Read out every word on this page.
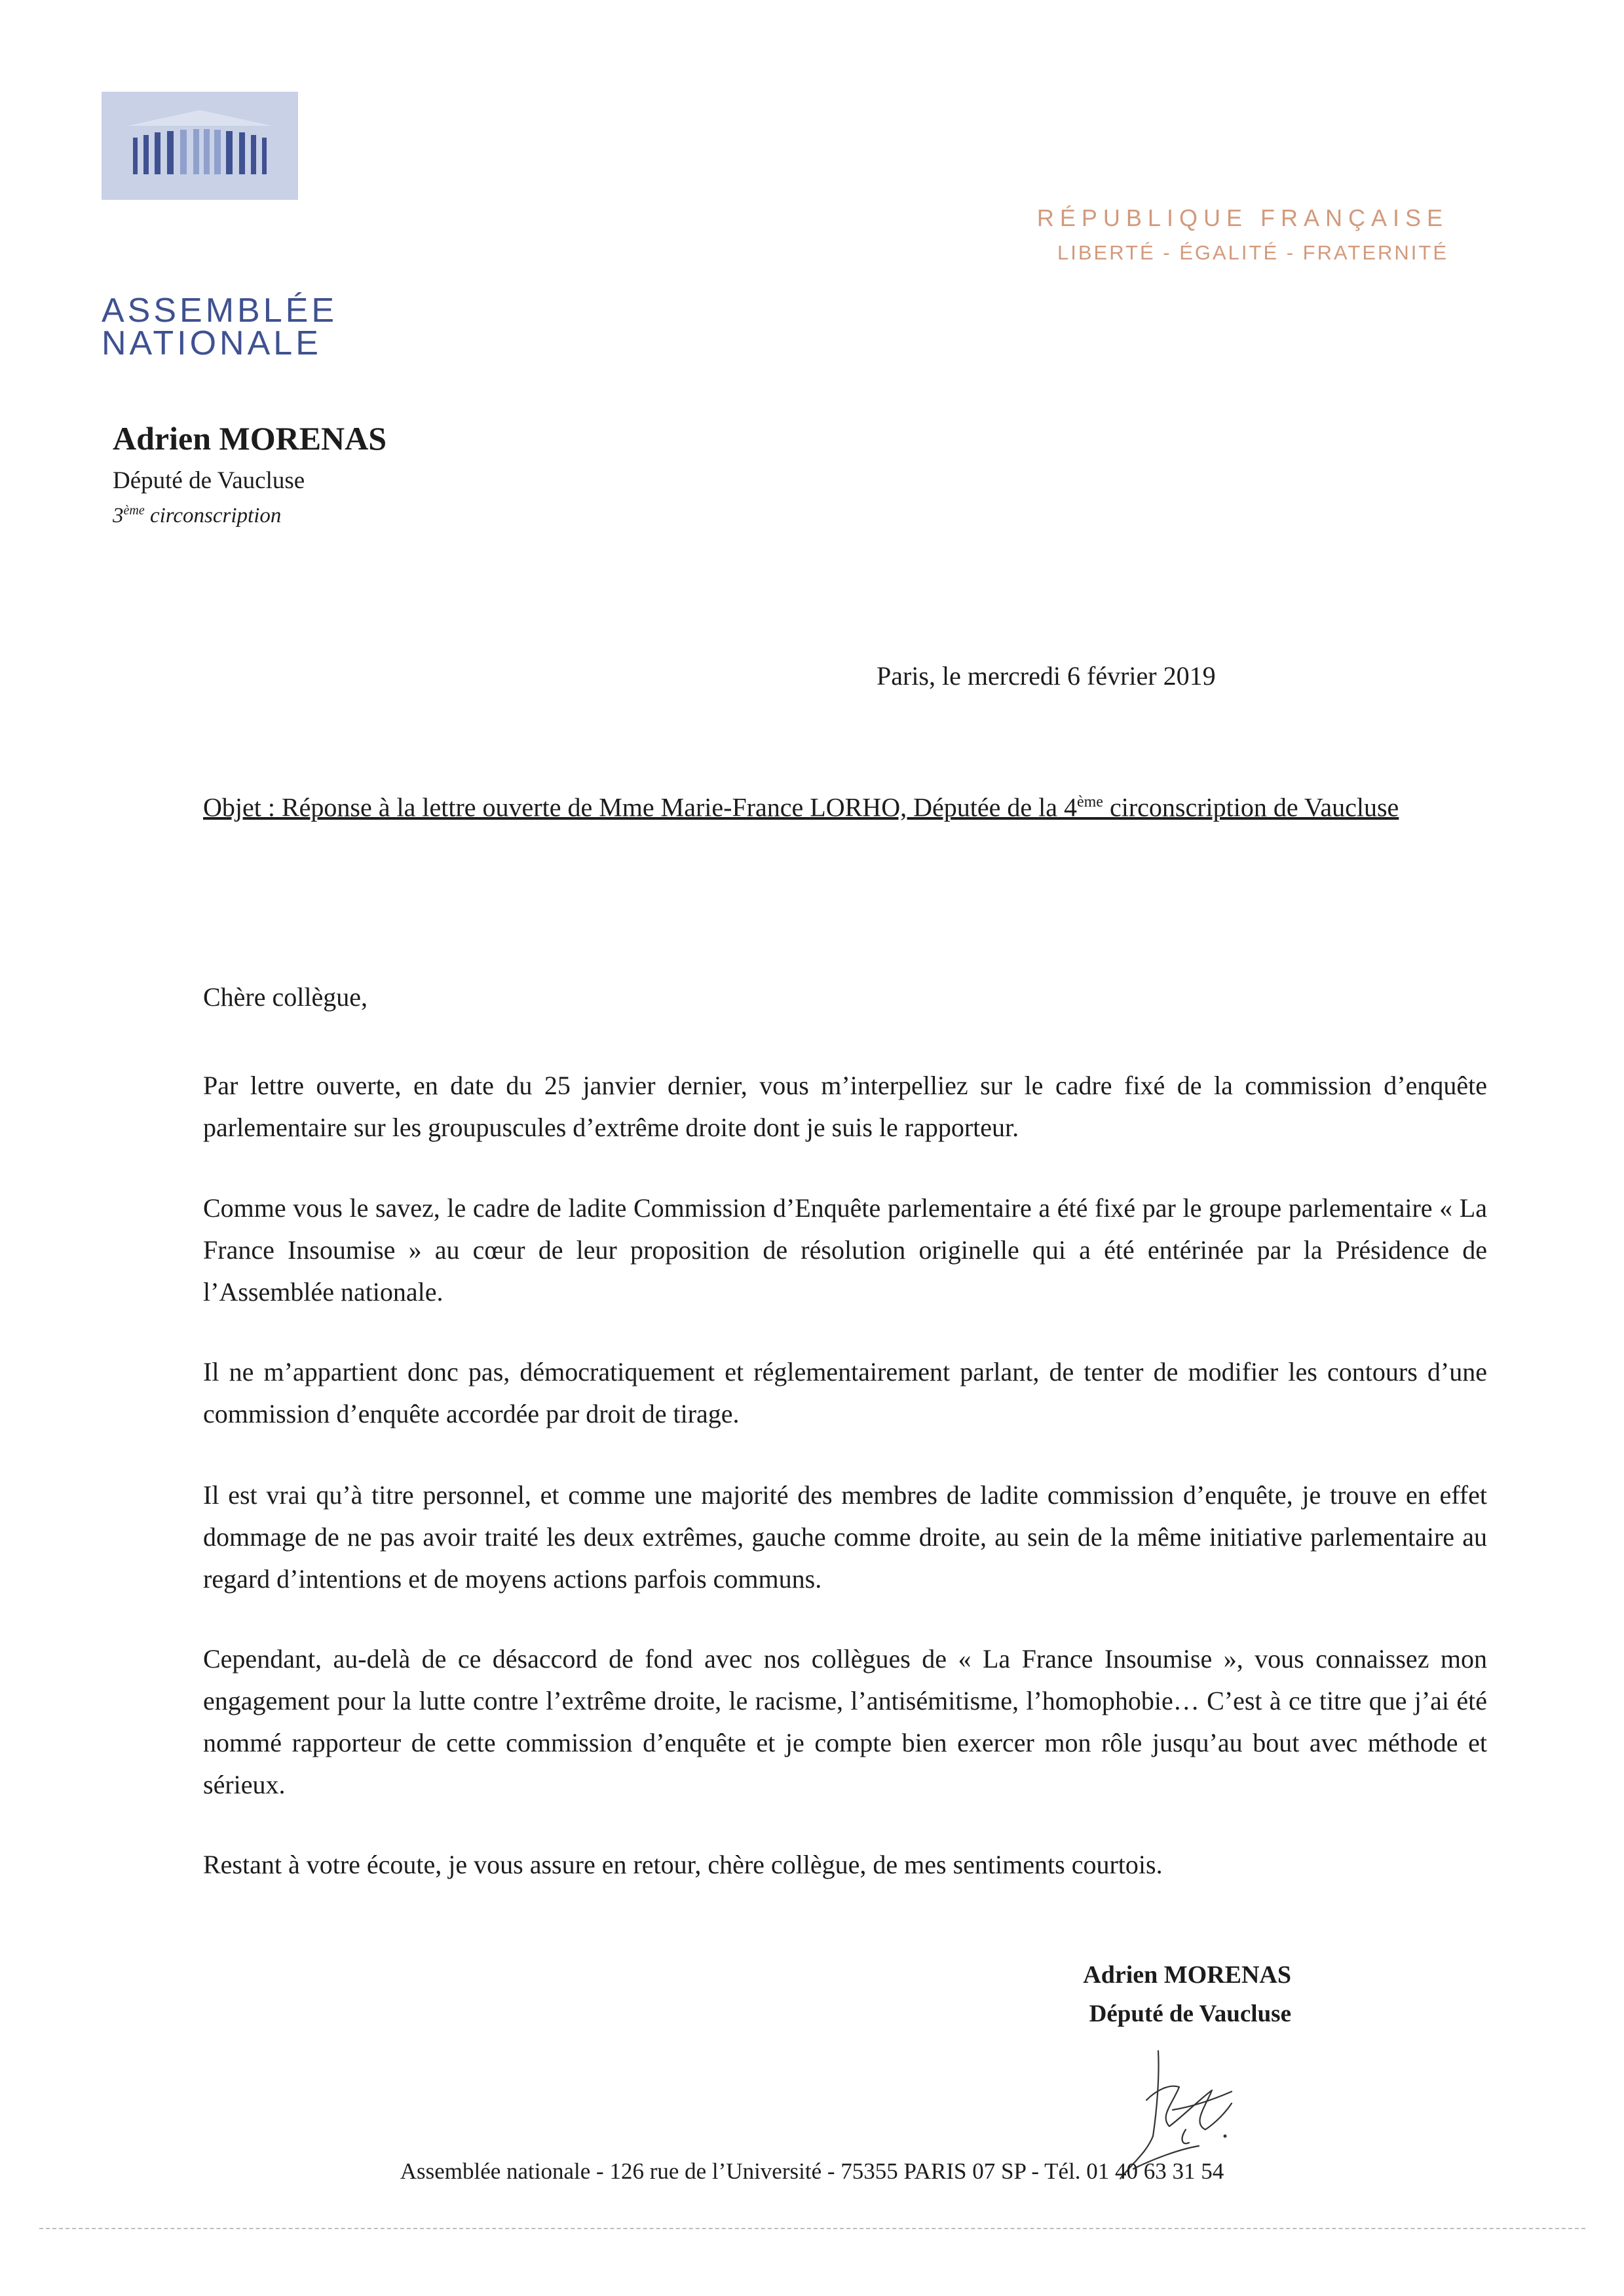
ASSEMBLÉE
NATIONALE
RÉPUBLIQUE FRANÇAISE
LIBERTÉ - ÉGALITÉ - FRATERNITÉ
Adrien MORENAS
Député de Vaucluse
3ème circonscription
Paris, le mercredi 6 février 2019
Objet : Réponse à la lettre ouverte de Mme Marie-France LORHO, Députée de la 4ème circonscription de Vaucluse
Chère collègue,
Par lettre ouverte, en date du 25 janvier dernier, vous m’interpelliez sur le cadre fixé de la commission d’enquête parlementaire sur les groupuscules d’extrême droite dont je suis le rapporteur.
Comme vous le savez, le cadre de ladite Commission d’Enquête parlementaire a été fixé par le groupe parlementaire « La France Insoumise » au cœur de leur proposition de résolution originelle qui a été entérinée par la Présidence de l’Assemblée nationale.
Il ne m’appartient donc pas, démocratiquement et réglementairement parlant, de tenter de modifier les contours d’une commission d’enquête accordée par droit de tirage.
Il est vrai qu’à titre personnel, et comme une majorité des membres de ladite commission d’enquête, je trouve en effet dommage de ne pas avoir traité les deux extrêmes, gauche comme droite, au sein de la même initiative parlementaire au regard d’intentions et de moyens actions parfois communs.
Cependant, au-delà de ce désaccord de fond avec nos collègues de « La France Insoumise », vous connaissez mon engagement pour la lutte contre l’extrême droite, le racisme, l’antisémitisme, l’homophobie… C’est à ce titre que j’ai été nommé rapporteur de cette commission d’enquête et je compte bien exercer mon rôle jusqu’au bout avec méthode et sérieux.
Restant à votre écoute, je vous assure en retour, chère collègue, de mes sentiments courtois.
Adrien MORENAS
Député de Vaucluse
Assemblée nationale - 126 rue de l’Université - 75355 PARIS 07 SP - Tél. 01 40 63 31 54
